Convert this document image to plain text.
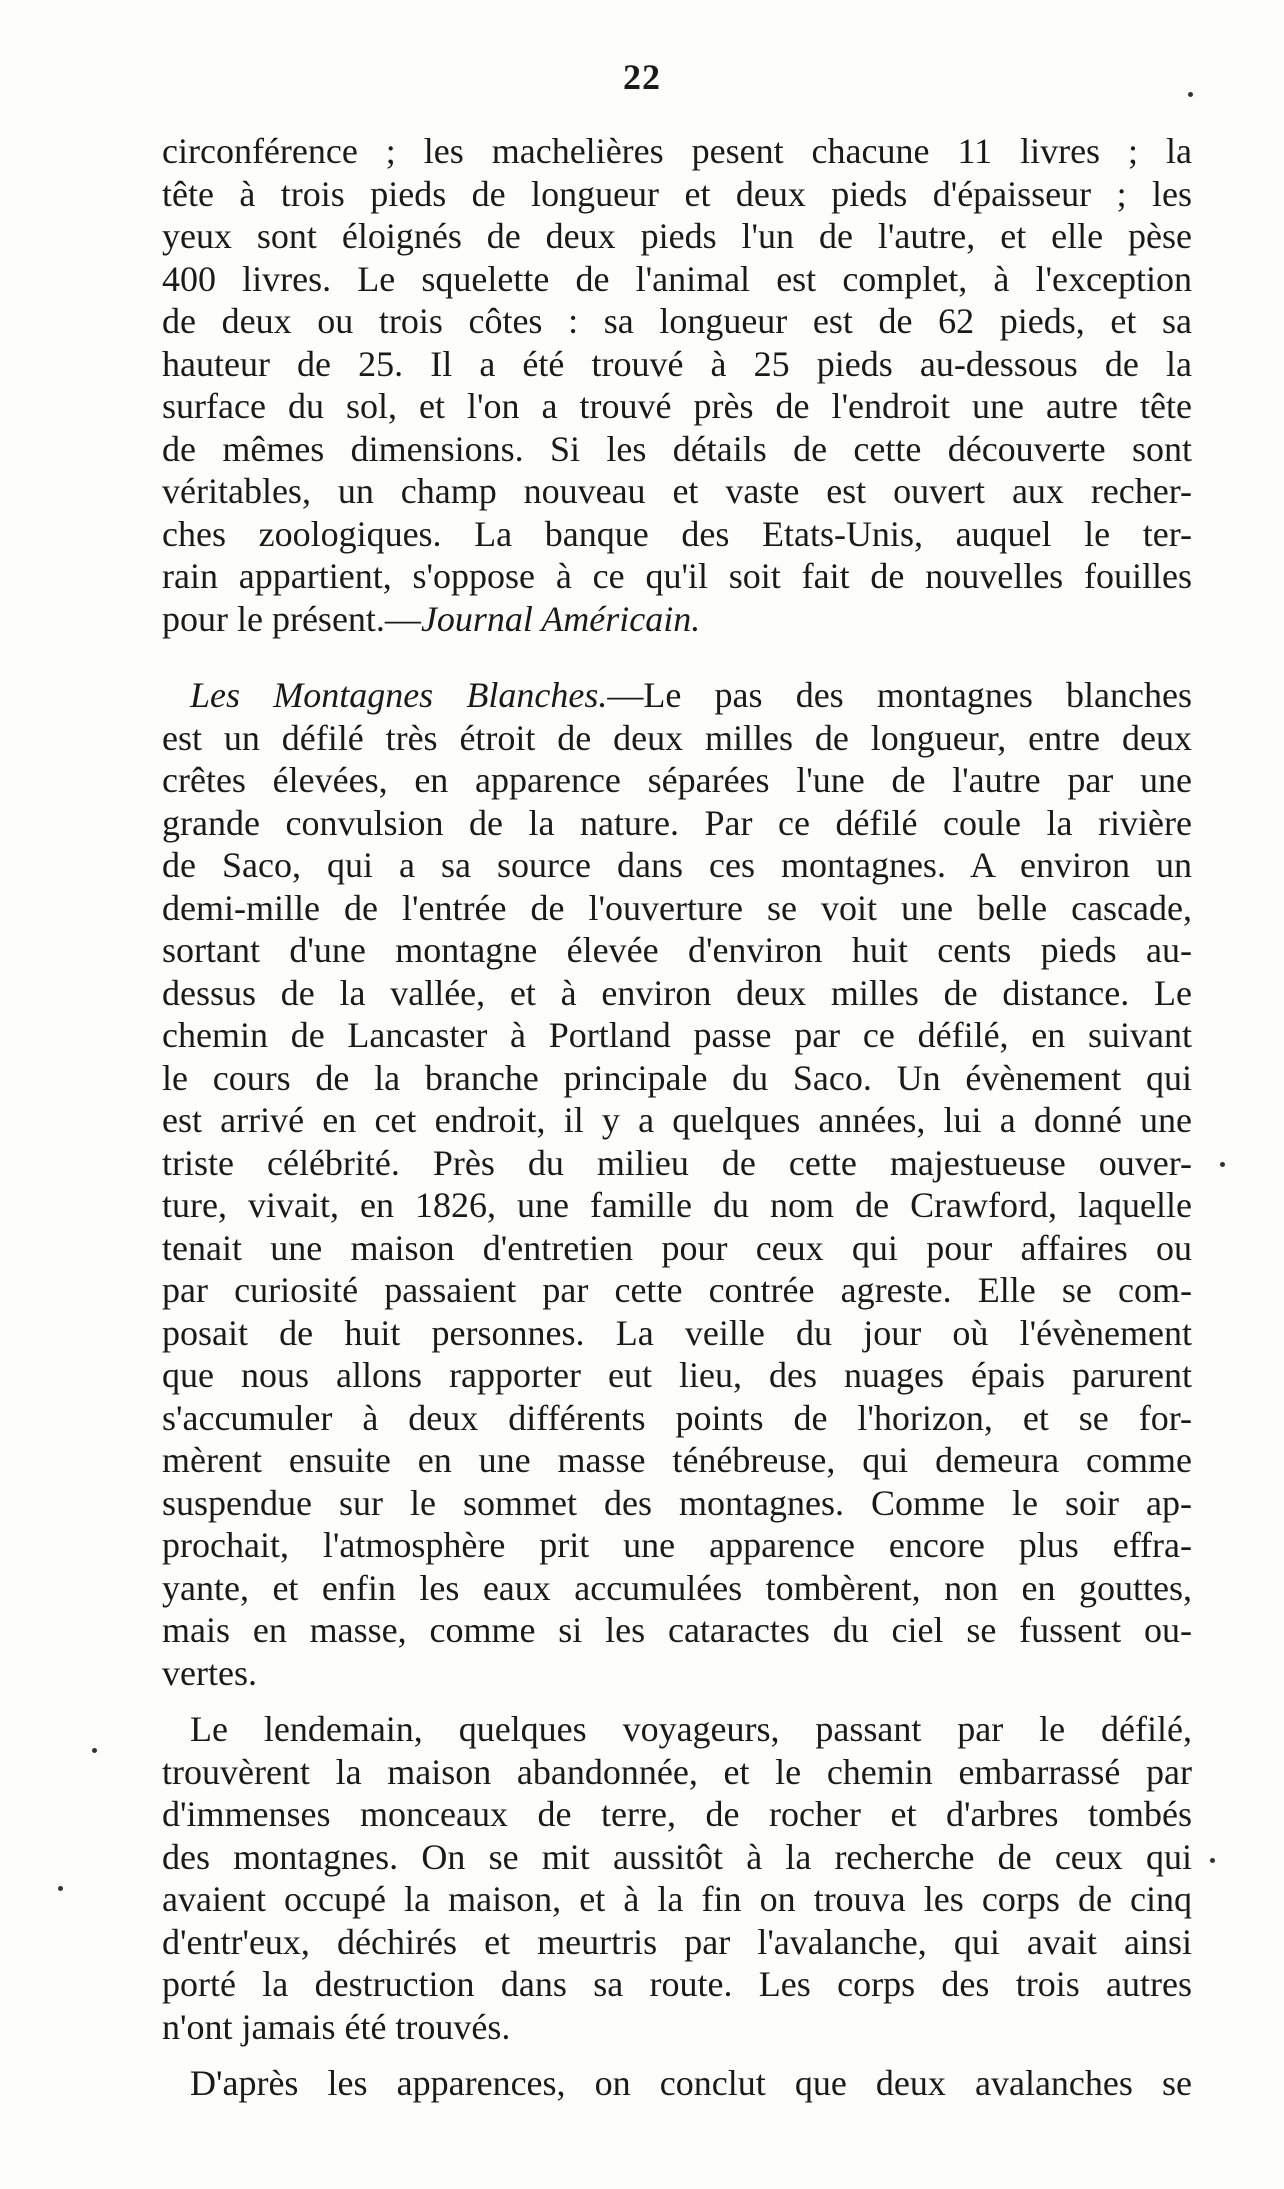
22
circonférence ; les machelières pesent chacune 11 livres ; la
tête à trois pieds de longueur et deux pieds d'épaisseur ; les
yeux sont éloignés de deux pieds l'un de l'autre, et elle pèse
400 livres. Le squelette de l'animal est complet, à l'exception
de deux ou trois côtes : sa longueur est de 62 pieds, et sa
hauteur de 25. Il a été trouvé à 25 pieds au-dessous de la
surface du sol, et l'on a trouvé près de l'endroit une autre tête
de mêmes dimensions. Si les détails de cette découverte sont
véritables, un champ nouveau et vaste est ouvert aux recher-
ches zoologiques. La banque des Etats-Unis, auquel le ter-
rain appartient, s'oppose à ce qu'il soit fait de nouvelles fouilles
pour le présent.—Journal Américain.
Les Montagnes Blanches.—Le pas des montagnes blanches
est un défilé très étroit de deux milles de longueur, entre deux
crêtes élevées, en apparence séparées l'une de l'autre par une
grande convulsion de la nature. Par ce défilé coule la rivière
de Saco, qui a sa source dans ces montagnes. A environ un
demi-mille de l'entrée de l'ouverture se voit une belle cascade,
sortant d'une montagne élevée d'environ huit cents pieds au-
dessus de la vallée, et à environ deux milles de distance. Le
chemin de Lancaster à Portland passe par ce défilé, en suivant
le cours de la branche principale du Saco. Un évènement qui
est arrivé en cet endroit, il y a quelques années, lui a donné une
triste célébrité. Près du milieu de cette majestueuse ouver-
ture, vivait, en 1826, une famille du nom de Crawford, laquelle
tenait une maison d'entretien pour ceux qui pour affaires ou
par curiosité passaient par cette contrée agreste. Elle se com-
posait de huit personnes. La veille du jour où l'évènement
que nous allons rapporter eut lieu, des nuages épais parurent
s'accumuler à deux différents points de l'horizon, et se for-
mèrent ensuite en une masse ténébreuse, qui demeura comme
suspendue sur le sommet des montagnes. Comme le soir ap-
prochait, l'atmosphère prit une apparence encore plus effra-
yante, et enfin les eaux accumulées tombèrent, non en gouttes,
mais en masse, comme si les cataractes du ciel se fussent ou-
vertes.
Le lendemain, quelques voyageurs, passant par le défilé,
trouvèrent la maison abandonnée, et le chemin embarrassé par
d'immenses monceaux de terre, de rocher et d'arbres tombés
des montagnes. On se mit aussitôt à la recherche de ceux qui
avaient occupé la maison, et à la fin on trouva les corps de cinq
d'entr'eux, déchirés et meurtris par l'avalanche, qui avait ainsi
porté la destruction dans sa route. Les corps des trois autres
n'ont jamais été trouvés.
D'après les apparences, on conclut que deux avalanches se
